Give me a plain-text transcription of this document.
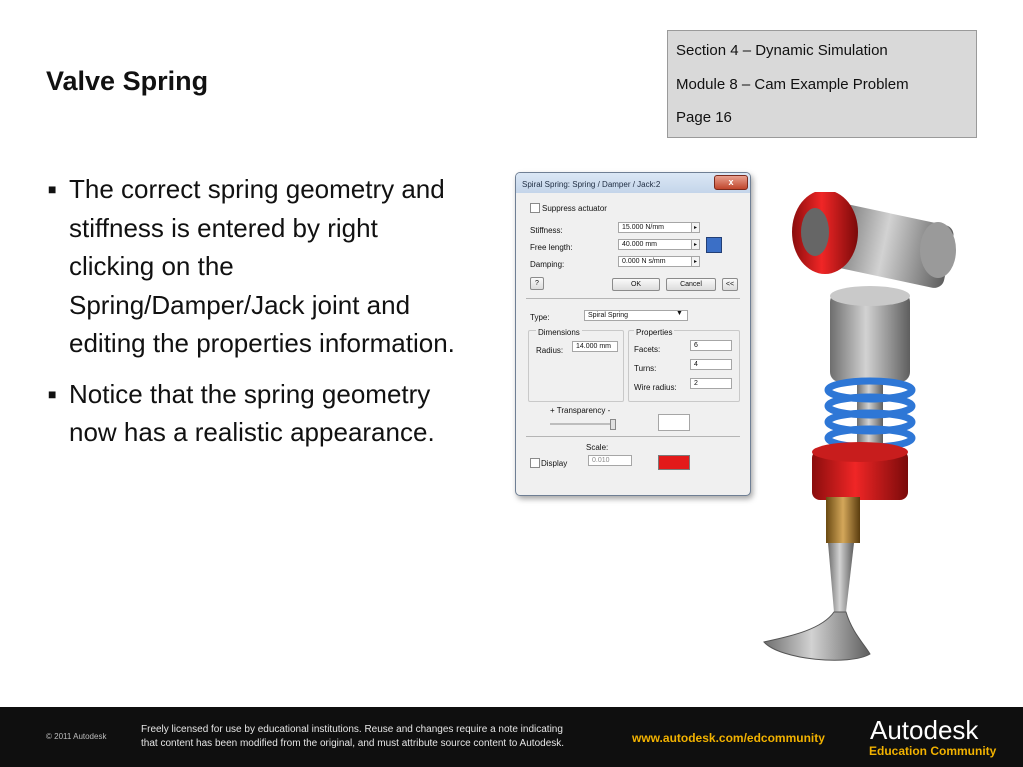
Valve Spring
Section 4 – Dynamic Simulation
Module 8 – Cam Example Problem
Page 16
■ The correct spring geometry and stiffness is entered by right clicking on the Spring/Damper/Jack joint and editing the properties information.
■ Notice that the spring geometry now has a realistic appearance.
Spiral Spring: Spring / Damper / Jack:2	x
Suppress actuator
Stiffness:	15.000 N/mm	▸
Free length:	40.000 mm	▸
Damping:	0.000 N s/mm	▸
?	OK	Cancel	<<
Type:	Spiral Spring	▼
Dimensions
Radius:	14.000 mm
Properties
Facets:	6
Turns:	4
Wire radius:	2
+ Transparency -
Scale:
Display	0.010
© 2011 Autodesk
Freely licensed for use by educational institutions. Reuse and changes require a note indicating
that content has been modified from the original, and must attribute source content to Autodesk.	www.autodesk.com/edcommunity Autodesk
Education Community
